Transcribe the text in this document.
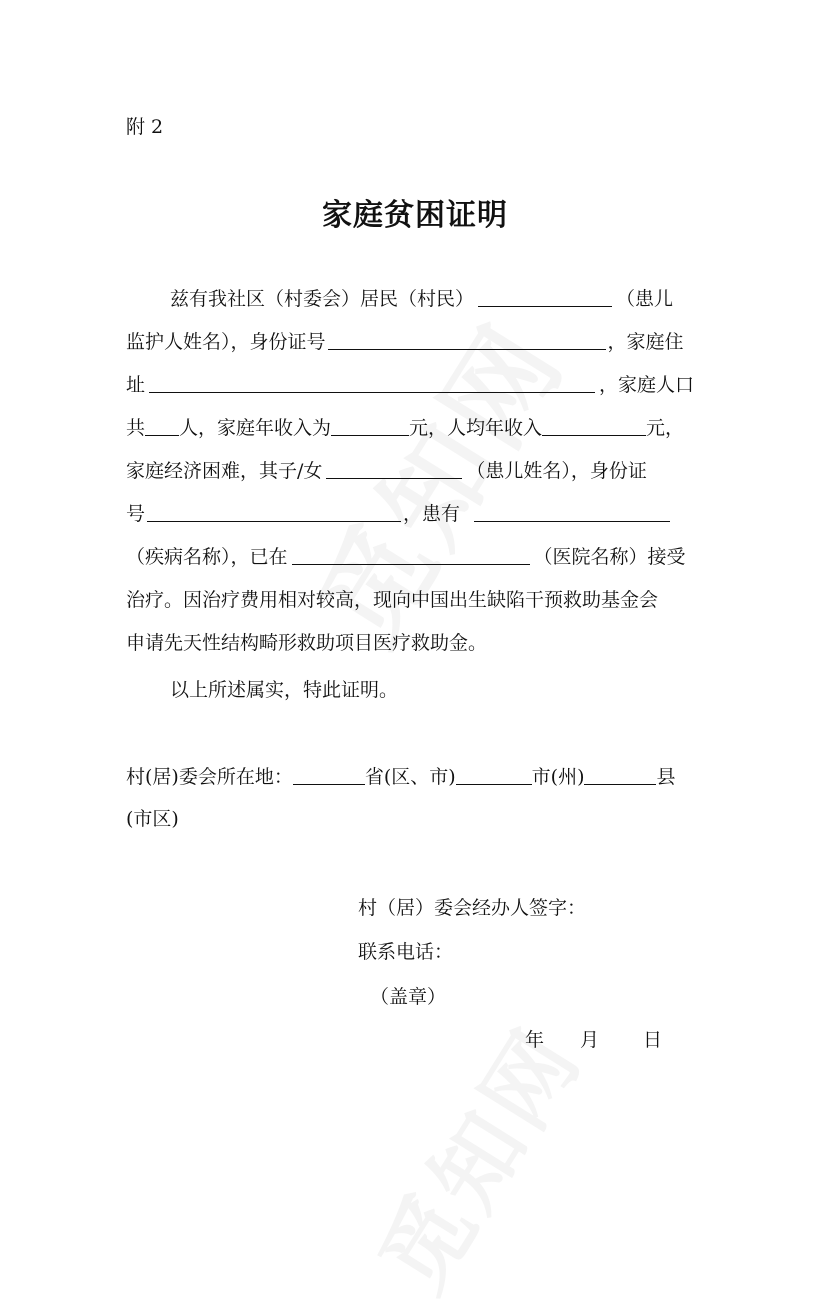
附 2
家庭贫困证明
兹有我社区（村委会）居民（村民）	（患儿
监护人姓名），身份证号	，家庭住
址	，家庭人口
共 人，家庭年收入为	元，人均年收入	元，
家庭经济困难，其子/女	（患儿姓名），身份证
号	，患有
（疾病名称），已在	（医院名称）接受
治疗。因治疗费用相对较高，现向中国出生缺陷干预救助基金会
申请先天性结构畸形救助项目医疗救助金。
以上所述属实，特此证明。
村(居)委会所在地：	省(区、市)	市(州)	县
(市区)
村（居）委会经办人签字：
联系电话：
（盖章）
年 月 日
